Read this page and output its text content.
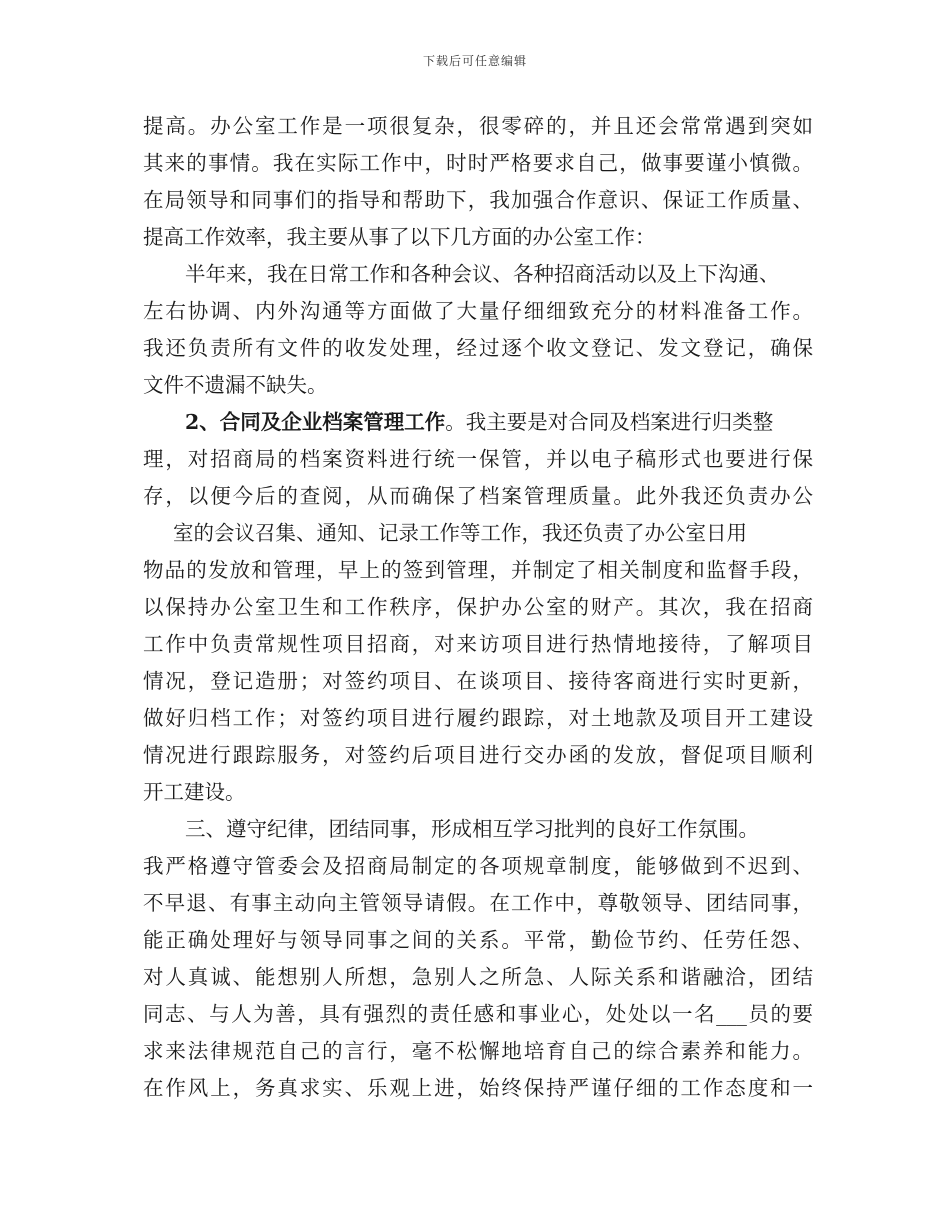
下载后可任意编辑
提高。办公室工作是一项很复杂，很零碎的，并且还会常常遇到突如
其来的事情。我在实际工作中，时时严格要求自己，做事要谨小慎微。
在局领导和同事们的指导和帮助下，我加强合作意识、保证工作质量、
提高工作效率，我主要从事了以下几方面的办公室工作：
半年来，我在日常工作和各种会议、各种招商活动以及上下沟通、
左右协调、内外沟通等方面做了大量仔细细致充分的材料准备工作。
我还负责所有文件的收发处理，经过逐个收文登记、发文登记，确保
文件不遗漏不缺失。
2、合同及企业档案管理工作。我主要是对合同及档案进行归类整
理，对招商局的档案资料进行统一保管，并以电子稿形式也要进行保
存，以便今后的查阅，从而确保了档案管理质量。此外我还负责办公
室的会议召集、通知、记录工作等工作，我还负责了办公室日用
物品的发放和管理，早上的签到管理，并制定了相关制度和监督手段，
以保持办公室卫生和工作秩序，保护办公室的财产。其次，我在招商
工作中负责常规性项目招商，对来访项目进行热情地接待，了解项目
情况，登记造册；对签约项目、在谈项目、接待客商进行实时更新，
做好归档工作；对签约项目进行履约跟踪，对土地款及项目开工建设
情况进行跟踪服务，对签约后项目进行交办函的发放，督促项目顺利
开工建设。
三、遵守纪律，团结同事，形成相互学习批判的良好工作氛围。
我严格遵守管委会及招商局制定的各项规章制度，能够做到不迟到、
不早退、有事主动向主管领导请假。在工作中，尊敬领导、团结同事，
能正确处理好与领导同事之间的关系。平常，勤俭节约、任劳任怨、
对人真诚、能想别人所想，急别人之所急、人际关系和谐融洽，团结
同志、与人为善，具有强烈的责任感和事业心，处处以一名___员的要
求来法律规范自己的言行，毫不松懈地培育自己的综合素养和能力。
在作风上，务真求实、乐观上进，始终保持严谨仔细的工作态度和一
